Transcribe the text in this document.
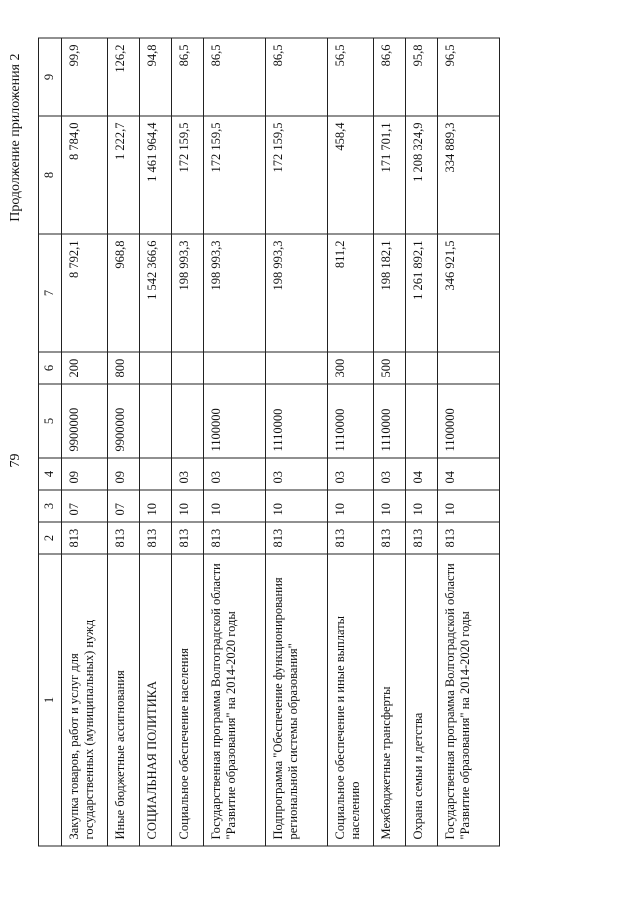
79
Продолжение приложения 2
1	2	3	4	5	6	7	8	9
Закупка товаров, работ и услуг для государственных (муниципальных) нужд	813	07	09	9900000	200	8 792,1	8 784,0	99,9
Иные бюджетные ассигнования	813	07	09	9900000	800	968,8	1 222,7	126,2
СОЦИАЛЬНАЯ ПОЛИТИКА	813	10				1 542 366,6	1 461 964,4	94,8
Социальное обеспечение населения	813	10	03			198 993,3	172 159,5	86,5
Государственная программа Волгоградской области "Развитие образования" на 2014-2020 годы	813	10	03	1100000		198 993,3	172 159,5	86,5
Подпрограмма "Обеспечение функционирования региональной системы образования"	813	10	03	1110000		198 993,3	172 159,5	86,5
Социальное обеспечение и иные выплаты населению	813	10	03	1110000	300	811,2	458,4	56,5
Межбюджетные трансферты	813	10	03	1110000	500	198 182,1	171 701,1	86,6
Охрана семьи и детства	813	10	04			1 261 892,1	1 208 324,9	95,8
Государственная программа Волгоградской области "Развитие образования" на 2014-2020 годы	813	10	04	1100000		346 921,5	334 889,3	96,5
